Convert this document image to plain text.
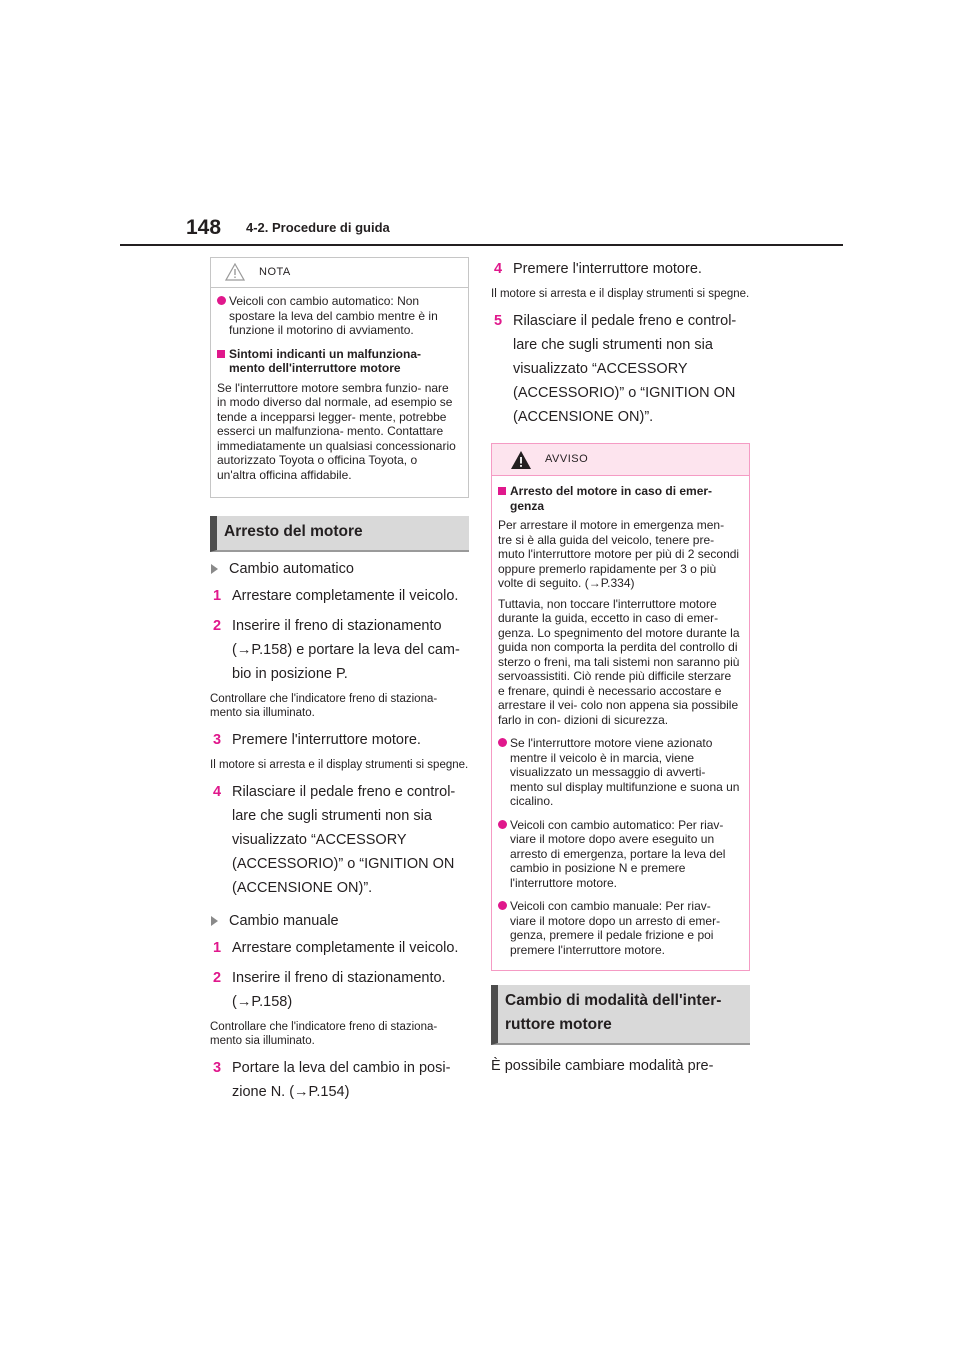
148 4-2. Procedure di guida
NOTA
Veicoli con cambio automatico: Non spostare la leva del cambio mentre è in funzione il motorino di avviamento.
Sintomi indicanti un malfunziona- mento dell'interruttore motore
Se l'interruttore motore sembra funzio- nare in modo diverso dal normale, ad esempio se tende a incepparsi legger- mente, potrebbe esserci un malfunziona- mento. Contattare immediatamente un qualsiasi concessionario autorizzato Toyota o officina Toyota, o un'altra officina affidabile.
Arresto del motore
Cambio automatico
1 Arrestare completamente il veicolo.
2 Inserire il freno di stazionamento (→P.158) e portare la leva del cam- bio in posizione P.
Controllare che l'indicatore freno di staziona- mento sia illuminato.
3 Premere l'interruttore motore.
Il motore si arresta e il display strumenti si spegne.
4 Rilasciare il pedale freno e control- lare che sugli strumenti non sia visualizzato “ACCESSORY (ACCESSORIO)” o “IGNITION ON (ACCENSIONE ON)”.
Cambio manuale
1 Arrestare completamente il veicolo.
2 Inserire il freno di stazionamento. (→P.158)
Controllare che l'indicatore freno di staziona- mento sia illuminato.
3 Portare la leva del cambio in posi- zione N. (→P.154)
4 Premere l'interruttore motore.
Il motore si arresta e il display strumenti si spegne.
5 Rilasciare il pedale freno e control- lare che sugli strumenti non sia visualizzato “ACCESSORY (ACCESSORIO)” o “IGNITION ON (ACCENSIONE ON)”.
AVVISO
Arresto del motore in caso di emer- genza
Per arrestare il motore in emergenza men- tre si è alla guida del veicolo, tenere pre- muto l'interruttore motore per più di 2 secondi oppure premerlo rapidamente per 3 o più volte di seguito. (→P.334)
Tuttavia, non toccare l'interruttore motore durante la guida, eccetto in caso di emer- genza. Lo spegnimento del motore durante la guida non comporta la perdita del controllo di sterzo o freni, ma tali sistemi non saranno più servoassistiti. Ciò rende più difficile sterzare e frenare, quindi è necessario accostare e arrestare il vei- colo non appena sia possibile farlo in con- dizioni di sicurezza.
Se l'interruttore motore viene azionato mentre il veicolo è in marcia, viene visualizzato un messaggio di avverti- mento sul display multifunzione e suona un cicalino.
Veicoli con cambio automatico: Per riav- viare il motore dopo avere eseguito un arresto di emergenza, portare la leva del cambio in posizione N e premere l'interruttore motore.
Veicoli con cambio manuale: Per riav- viare il motore dopo un arresto di emer- genza, premere il pedale frizione e poi premere l'interruttore motore.
Cambio di modalità dell'inter- ruttore motore
È possibile cambiare modalità pre-
